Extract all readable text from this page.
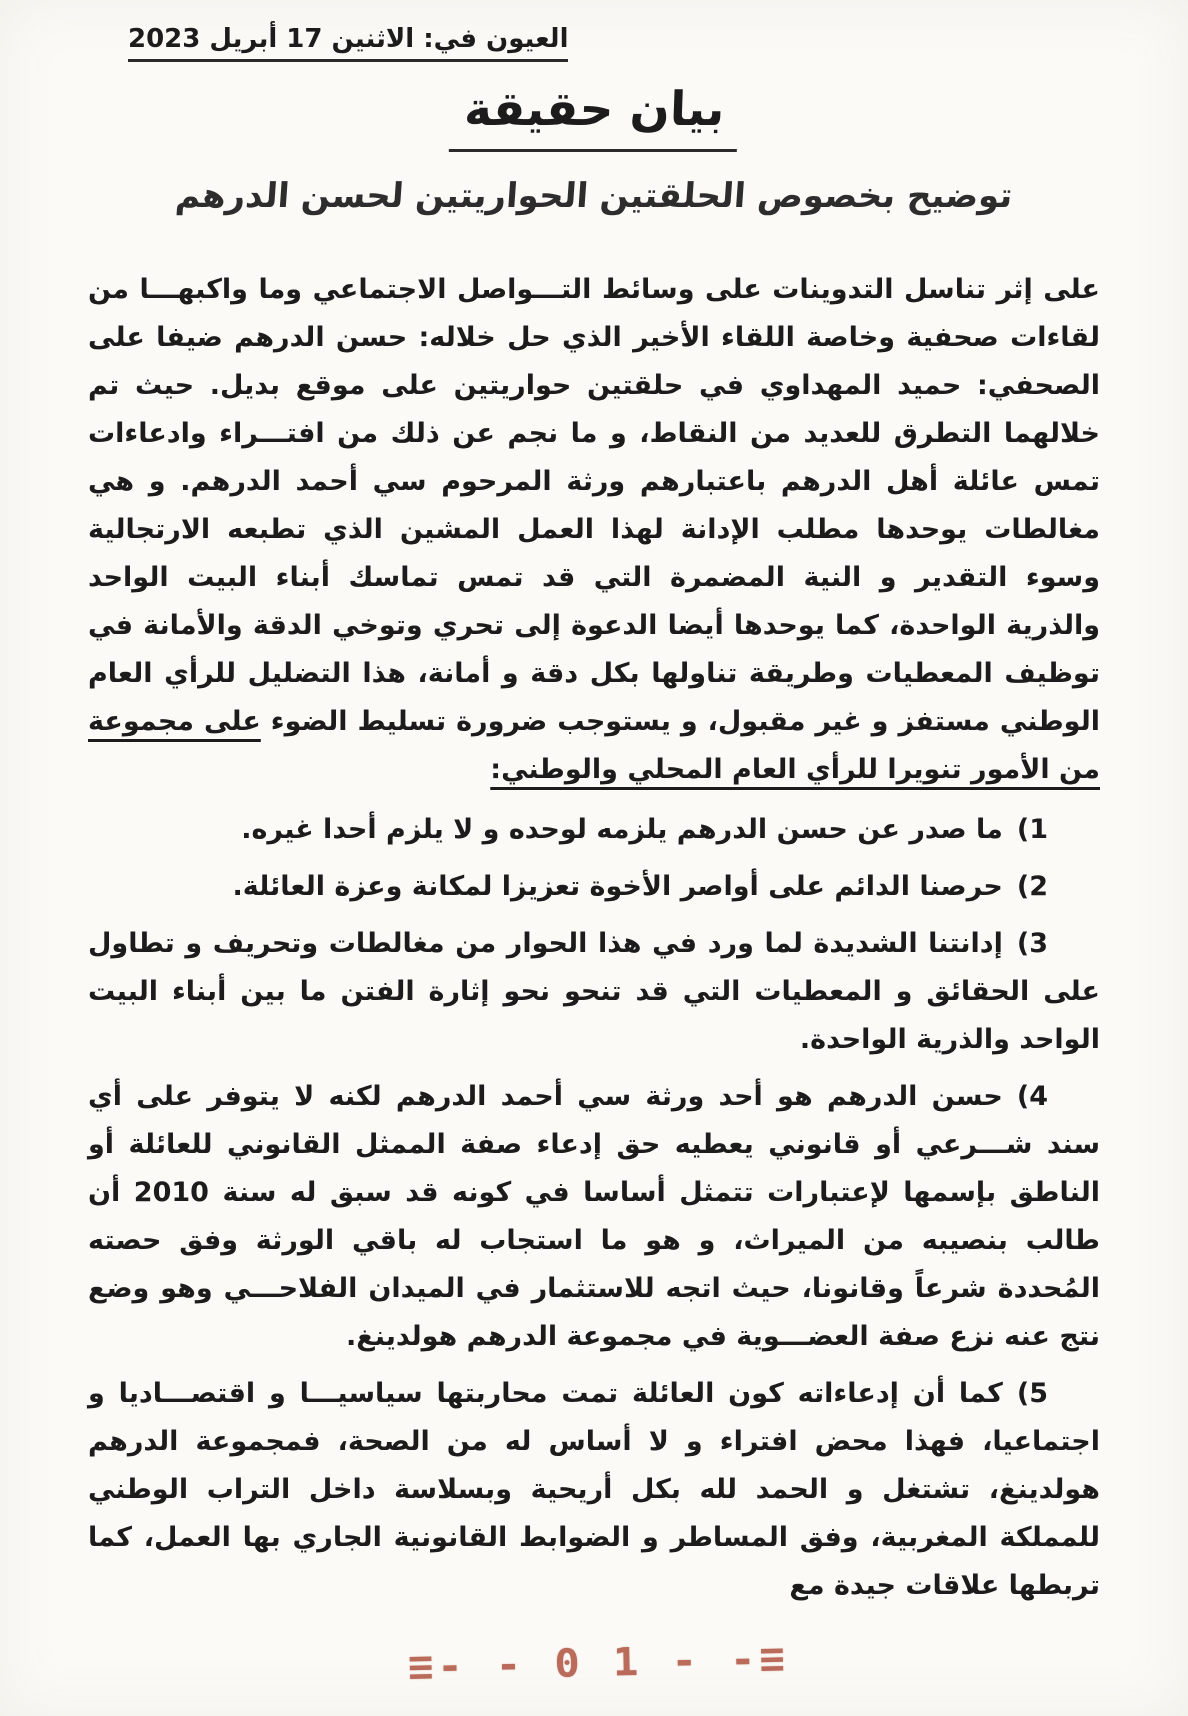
العيون في: الاثنين 17 أبريل 2023
بيان حقيقة
توضيح بخصوص الحلقتين الحواريتين لحسن الدرهم
على إثر تناسل التدوينات على وسائط التـــواصل الاجتماعي وما واكبهـــا من لقاءات صحفية وخاصة اللقاء الأخير الذي حل خلاله: حسن الدرهم ضيفا على الصحفي: حميد المهداوي في حلقتين حواريتين على موقع بديل. حيث تم خلالهما التطرق للعديد من النقاط، و ما نجم عن ذلك من افتـــراء وادعاءات تمس عائلة أهل الدرهم باعتبارهم ورثة المرحوم سي أحمد الدرهم. و هي مغالطات يوحدها مطلب الإدانة لهذا العمل المشين الذي تطبعه الارتجالية وسوء التقدير و النية المضمرة التي قد تمس تماسك أبناء البيت الواحد والذرية الواحدة، كما يوحدها أيضا الدعوة إلى تحري وتوخي الدقة والأمانة في توظيف المعطيات وطريقة تناولها بكل دقة و أمانة، هذا التضليل للرأي العام الوطني مستفز و غير مقبول، و يستوجب ضرورة تسليط الضوء على مجموعة من الأمور تنويرا للرأي العام المحلي والوطني:
1)ما صدر عن حسن الدرهم يلزمه لوحده و لا يلزم أحدا غيره.
2)حرصنا الدائم على أواصر الأخوة تعزيزا لمكانة وعزة العائلة.
3)إدانتنا الشديدة لما ورد في هذا الحوار من مغالطات وتحريف و تطاول على الحقائق و المعطيات التي قد تنحو نحو إثارة الفتن ما بين أبناء البيت الواحد والذرية الواحدة.
4)حسن الدرهم هو أحد ورثة سي أحمد الدرهم لكنه لا يتوفر على أي سند شـــرعي أو قانوني يعطيه حق إدعاء صفة الممثل القانوني للعائلة أو الناطق بإسمها لإعتبارات تتمثل أساسا في كونه قد سبق له سنة 2010 أن طالب بنصيبه من الميراث، و هو ما استجاب له باقي الورثة وفق حصته المُحددة شرعاً وقانونا، حيث اتجه للاستثمار في الميدان الفلاحـــي وهو وضع نتج عنه نزع صفة العضـــوية في مجموعة الدرهم هولدينغ.
5)كما أن إدعاءاته كون العائلة تمت محاربتها سياسيـــا و اقتصـــاديا و اجتماعيا، فهذا محض افتراء و لا أساس له من الصحة، فمجموعة الدرهم هولدينغ، تشتغل و الحمد لله بكل أريحية وبسلاسة داخل التراب الوطني للمملكة المغربية، وفق المساطر و الضوابط القانونية الجاري بها العمل، كما تربطها علاقات جيدة مع
≡- - 0 1 - -≡
